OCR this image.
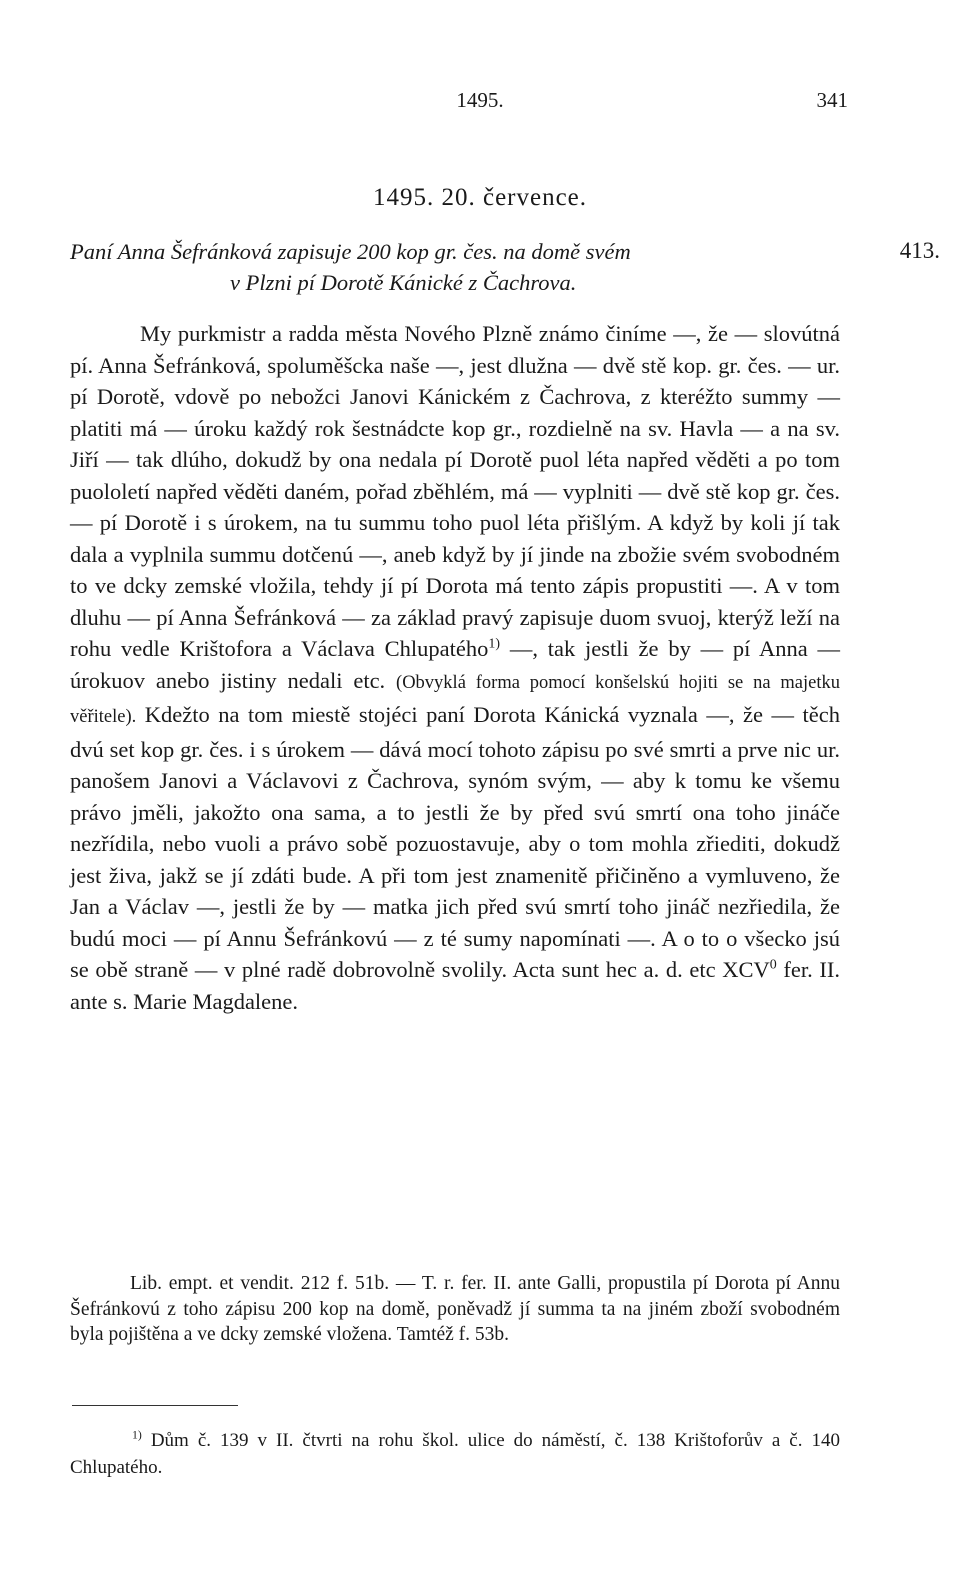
1495.	341
1495. 20. července.
413.
Paní Anna Šefránková zapisuje 200 kop gr. čes. na domě svém
v Plzni pí Dorotě Kánické z Čachrova.

My purkmistr a radda města Nového Plzně známo činíme —, že — slovútná pí. Anna Šefránková, spoluměšcka naše —, jest dlužna — dvě stě kop. gr. čes. — ur. pí Dorotě, vdově po nebožci Janovi Kánickém z Čachrova, z kteréžto summy — platiti má — úroku každý rok šestnádcte kop gr., rozdielně na sv. Havla — a na sv. Jiří — tak dlúho, dokudž by ona nedala pí Dorotě puol léta napřed věděti a po tom puololetí napřed věděti daném, pořad zběhlém, má — vyplniti — dvě stě kop gr. čes. — pí Dorotě i s úrokem, na tu summu toho puol léta přišlým. A když by koli jí tak dala a vyplnila summu dotčenú —, aneb když by jí jinde na zbožie svém svobodném to ve dcky zemské vložila, tehdy jí pí Dorota má tento zápis propustiti —. A v tom dluhu — pí Anna Šefránková — za základ pravý zapisuje duom svuoj, kterýž leží na rohu vedle Krištofora a Václava Chlupatého$^{1)}$ —, tak jestli že by — pí Anna — úrokuov anebo jistiny nedali etc. (Obvyklá forma pomocí konšelskú hojiti se na majetku věřitele). Kdežto na tom miestě stojéci paní Dorota Kánická vyznala —, že — těch dvú set kop gr. čes. i s úrokem — dává mocí tohoto zápisu po své smrti a prve nic ur. panošem Janovi a Václavovi z Čachrova, synóm svým, — aby k tomu ke všemu právo jměli, jakožto ona sama, a to jestli že by před svú smrtí ona toho jináče nezřídila, nebo vuoli a právo sobě pozuostavuje, aby o tom mohla zřiediti, dokudž jest živa, jakž se jí zdáti bude. A při tom jest znamenitě přičiněno a vymluveno, že Jan a Václav —, jestli že by — matka jich před svú smrtí toho jináč nezřiedila, že budú moci — pí Annu Šefránkovú — z té sumy napomínati —. A o to o všecko jsú se obě straně — v plné radě dobrovolně svolily. Acta sunt hec a. d. etc XCV$^0$ fer. II. ante s. Marie Magdalene.

Lib. empt. et vendit. 212 f. 51b. — T. r. fer. II. ante Galli, propustila pí Dorota pí Annu Šefránkovú z toho zápisu 200 kop na domě, poněvadž jí summa ta na jiném zboží svobodném byla pojištěna a ve dcky zemské vložena. Tamtéž f. 53b.

$^{1)}$ Dům č. 139 v II. čtvrti na rohu škol. ulice do náměstí, č. 138 Krištoforův a č. 140 Chlupatého.
